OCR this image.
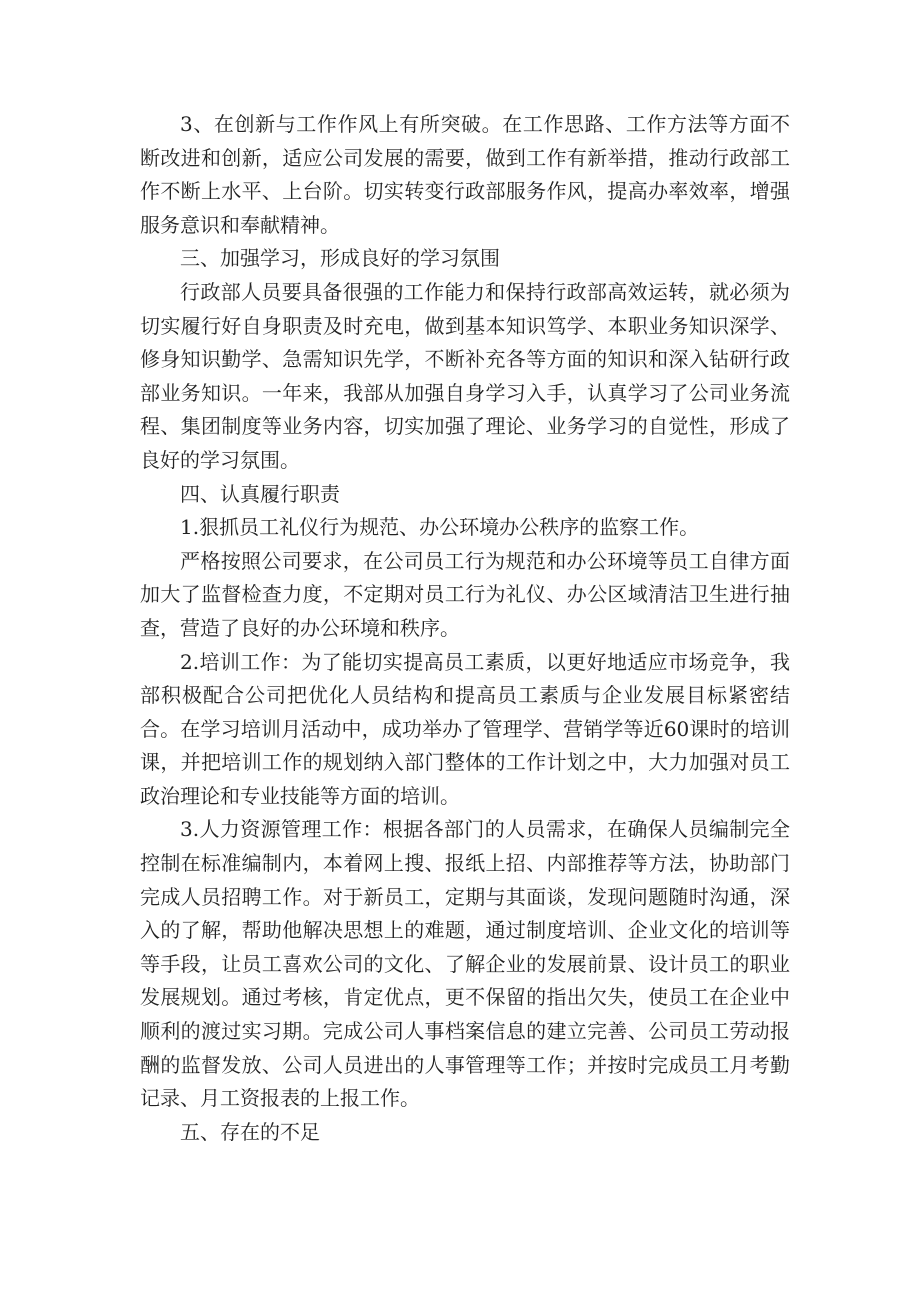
3、在创新与工作作风上有所突破。在工作思路、工作方法等方面不断改进和创新，适应公司发展的需要，做到工作有新举措，推动行政部工作不断上水平、上台阶。切实转变行政部服务作风，提高办率效率，增强服务意识和奉献精神。

三、加强学习，形成良好的学习氛围

行政部人员要具备很强的工作能力和保持行政部高效运转，就必须为切实履行好自身职责及时充电，做到基本知识笃学、本职业务知识深学、修身知识勤学、急需知识先学，不断补充各等方面的知识和深入钻研行政部业务知识。一年来，我部从加强自身学习入手，认真学习了公司业务流程、集团制度等业务内容，切实加强了理论、业务学习的自觉性，形成了良好的学习氛围。

四、认真履行职责

1.狠抓员工礼仪行为规范、办公环境办公秩序的监察工作。

严格按照公司要求，在公司员工行为规范和办公环境等员工自律方面加大了监督检查力度，不定期对员工行为礼仪、办公区域清洁卫生进行抽查，营造了良好的办公环境和秩序。

2.培训工作：为了能切实提高员工素质，以更好地适应市场竞争，我部积极配合公司把优化人员结构和提高员工素质与企业发展目标紧密结合。在学习培训月活动中，成功举办了管理学、营销学等近60课时的培训课，并把培训工作的规划纳入部门整体的工作计划之中，大力加强对员工政治理论和专业技能等方面的培训。

3.人力资源管理工作：根据各部门的人员需求，在确保人员编制完全控制在标准编制内，本着网上搜、报纸上招、内部推荐等方法，协助部门完成人员招聘工作。对于新员工，定期与其面谈，发现问题随时沟通，深入的了解，帮助他解决思想上的难题，通过制度培训、企业文化的培训等等手段，让员工喜欢公司的文化、了解企业的发展前景、设计员工的职业发展规划。通过考核，肯定优点，更不保留的指出欠失，使员工在企业中顺利的渡过实习期。完成公司人事档案信息的建立完善、公司员工劳动报酬的监督发放、公司人员进出的人事管理等工作；并按时完成员工月考勤记录、月工资报表的上报工作。

五、存在的不足
